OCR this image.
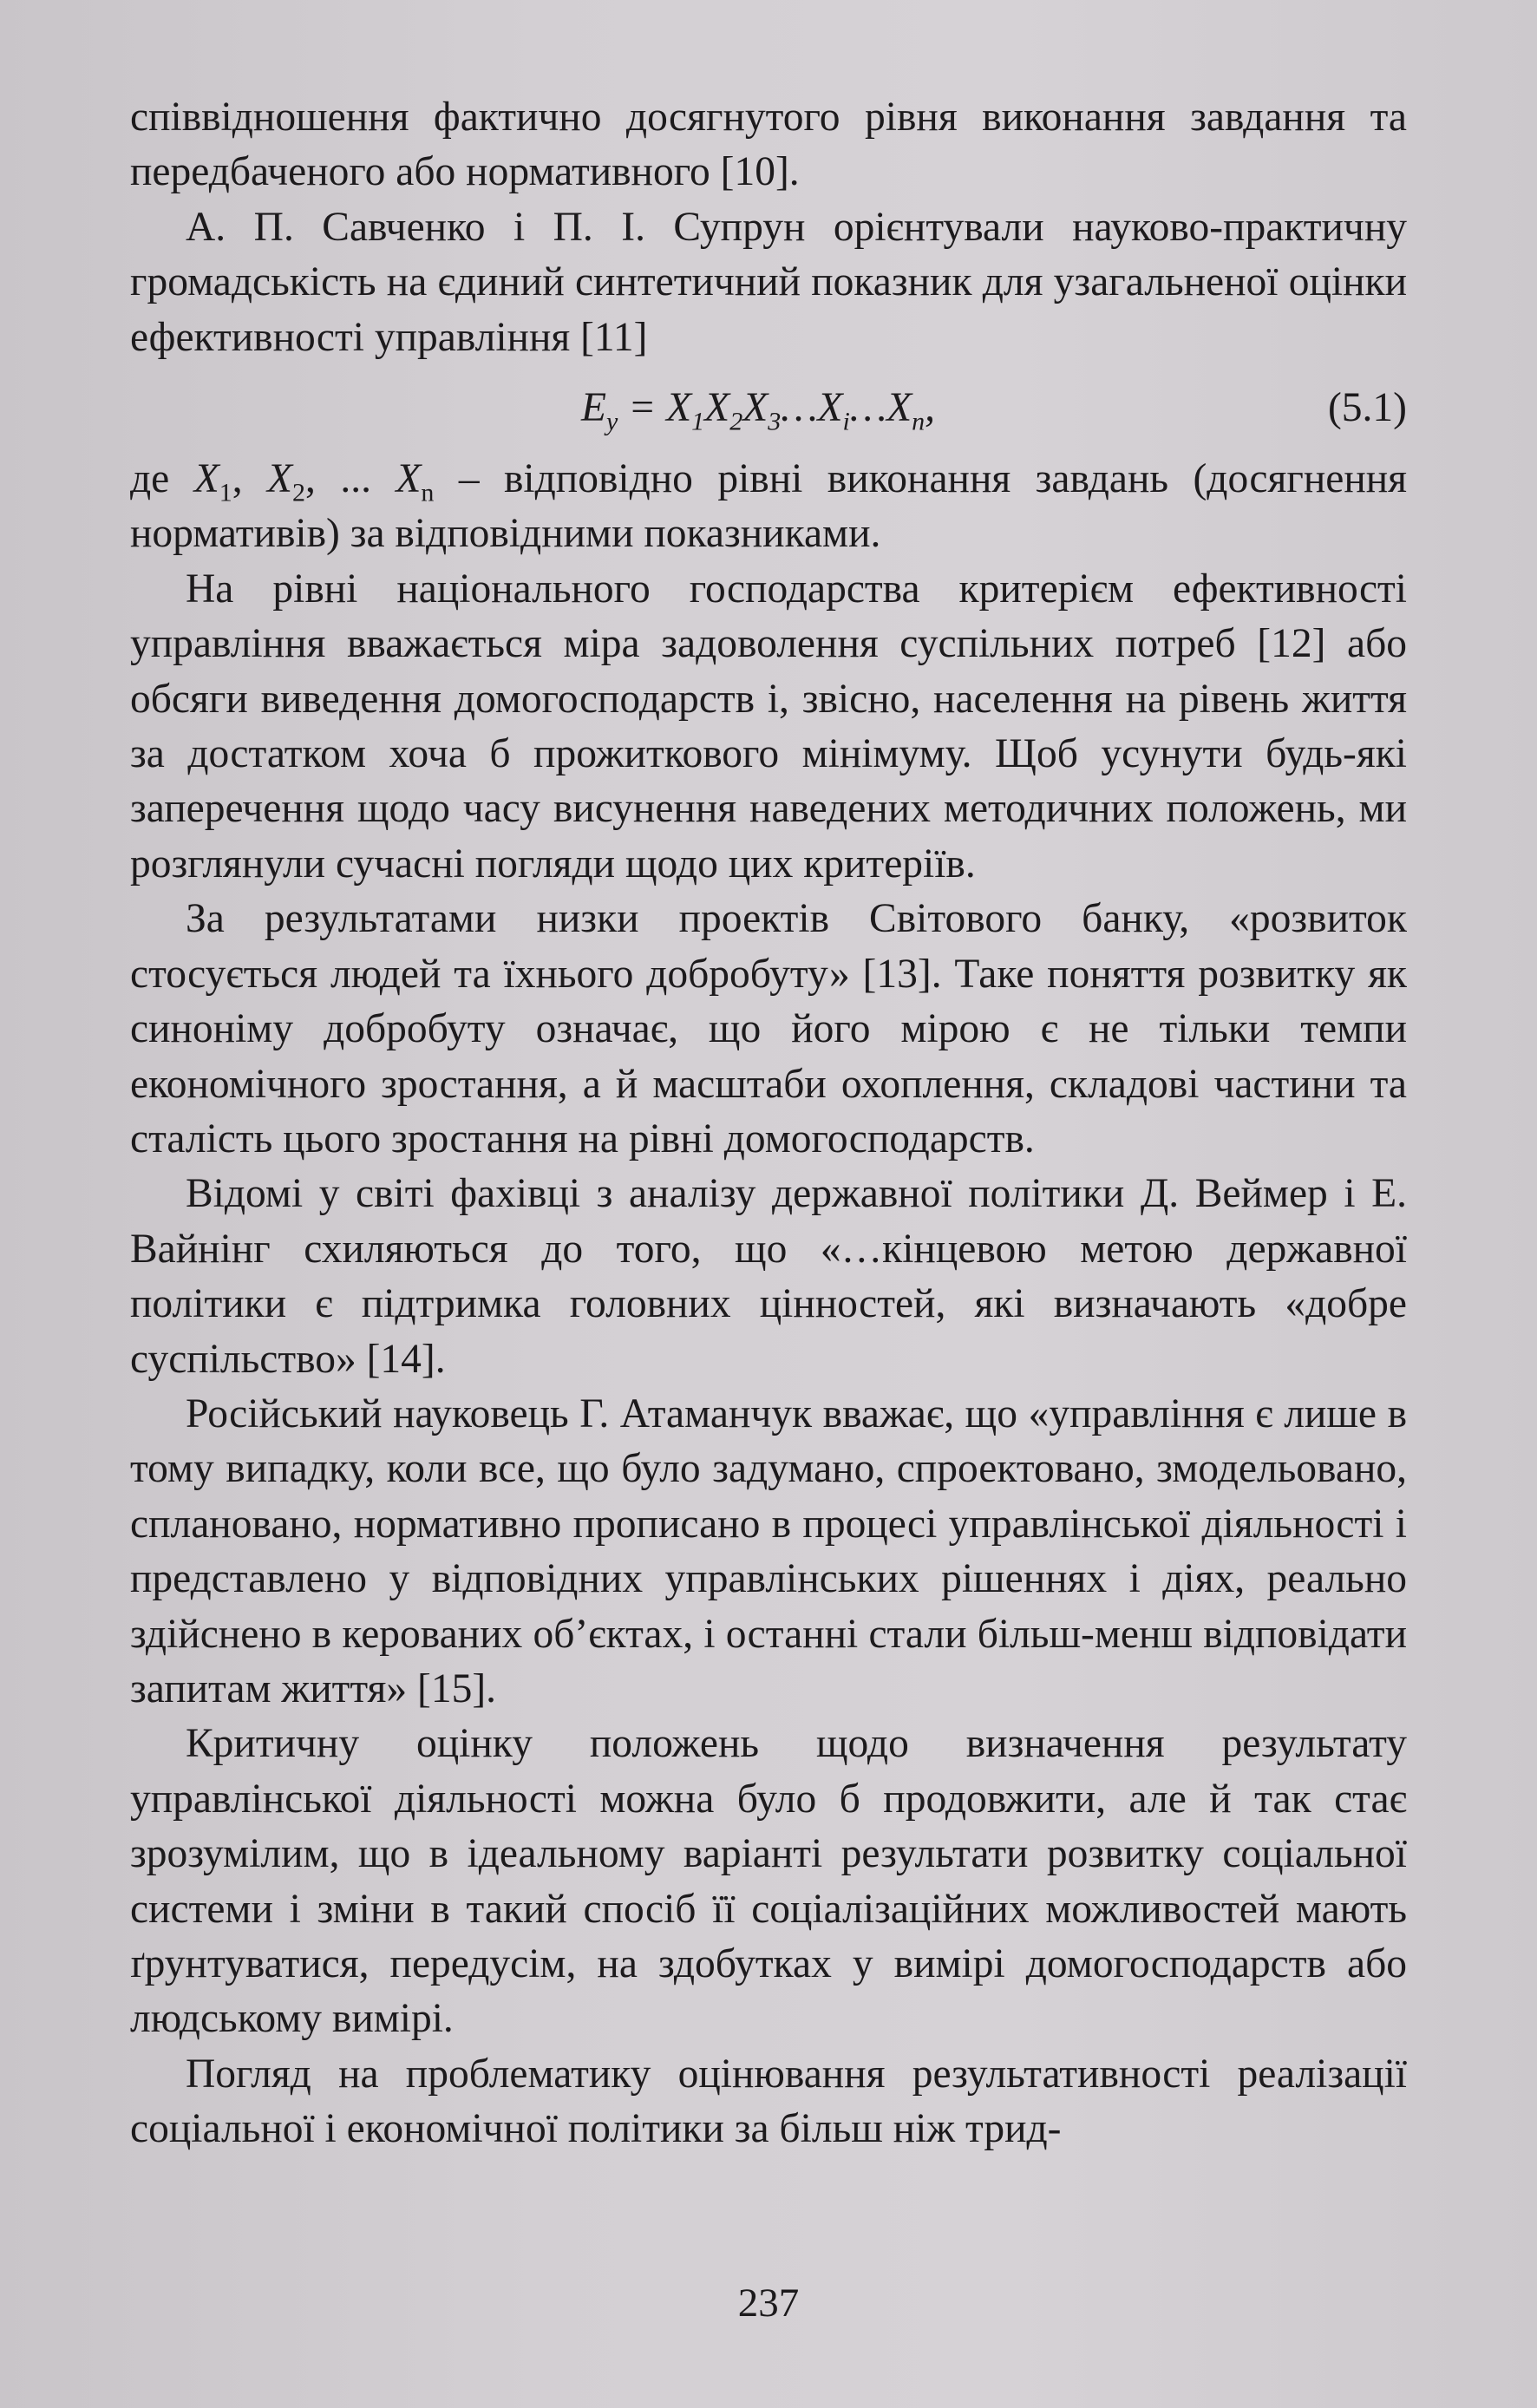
співвідношення фактично досягнутого рівня виконання завдання та передбаченого або нормативного [10].

А. П. Савченко і П. І. Супрун орієнтували науково-практичну громадськість на єдиний синтетичний показник для узагальненої оцінки ефективності управління [11]

$E_y$ = $X_1X_2X_3\dots X_i\dots X_n$,	(5.1)

де $X_1$, $X_2$, ... $X_n$ – відповідно рівні виконання завдань (досягнення нормативів) за відповідними показниками.

На рівні національного господарства критерієм ефективності управління вважається міра задоволення суспільних потреб [12] або обсяги виведення домогосподарств і, звісно, населення на рівень життя за достатком хоча б прожиткового мінімуму. Щоб усунути будь-які заперечення щодо часу висунення наведених методичних положень, ми розглянули сучасні погляди щодо цих критеріїв.

За результатами низки проектів Світового банку, «розвиток стосується людей та їхнього добробуту» [13]. Таке поняття розвитку як синоніму добробуту означає, що його мірою є не тільки темпи економічного зростання, а й масштаби охоплення, складові частини та сталість цього зростання на рівні домогосподарств.

Відомі у світі фахівці з аналізу державної політики Д. Веймер і Е. Вайнінг схиляються до того, що «…кінцевою метою державної політики є підтримка головних цінностей, які визначають «добре суспільство» [14].

Російський науковець Г. Атаманчук вважає, що «управління є лише в тому випадку, коли все, що було задумано, спроектовано, змодельовано, сплановано, нормативно прописано в процесі управлінської діяльності і представлено у відповідних управлінських рішеннях і діях, реально здійснено в керованих об’єктах, і останні стали більш-менш відповідати запитам життя» [15].

Критичну оцінку положень щодо визначення результату управлінської діяльності можна було б продовжити, але й так стає зрозумілим, що в ідеальному варіанті результати розвитку соціальної системи і зміни в такий спосіб її соціалізаційних можливостей мають ґрунтуватися, передусім, на здобутках у вимірі домогосподарств або людському вимірі.

Погляд на проблематику оцінювання результативності реалізації соціальної і економічної політики за більш ніж трид-

237
